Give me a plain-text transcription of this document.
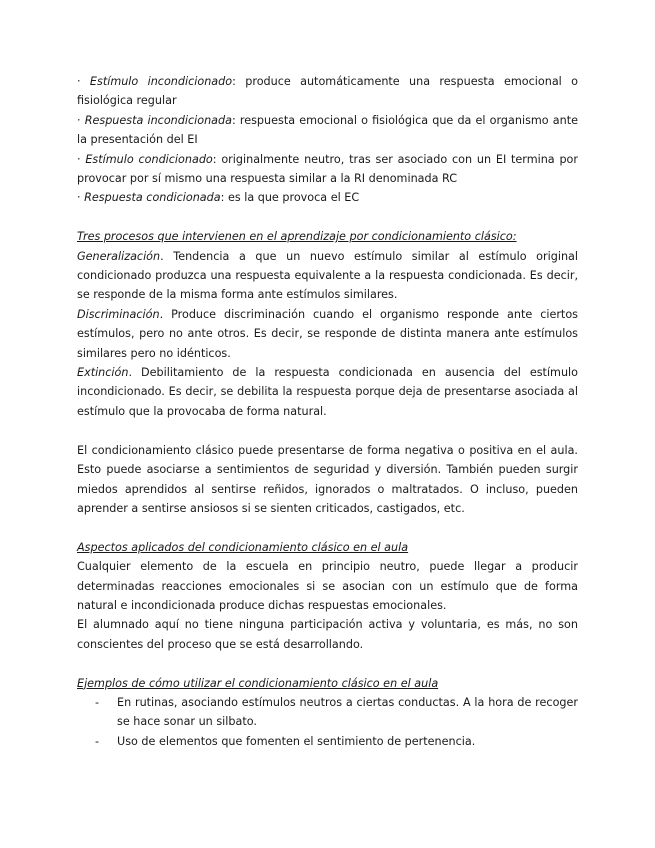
· Estímulo incondicionado: produce automáticamente una respuesta emocional o fisiológica regular

· Respuesta incondicionada: respuesta emocional o fisiológica que da el organismo ante la presentación del EI

· Estímulo condicionado: originalmente neutro, tras ser asociado con un EI termina por provocar por sí mismo una respuesta similar a la RI denominada RC

· Respuesta condicionada: es la que provoca el EC

Tres procesos que intervienen en el aprendizaje por condicionamiento clásico:

Generalización. Tendencia a que un nuevo estímulo similar al estímulo original condicionado produzca una respuesta equivalente a la respuesta condicionada. Es decir, se responde de la misma forma ante estímulos similares.

Discriminación. Produce discriminación cuando el organismo responde ante ciertos estímulos, pero no ante otros. Es decir, se responde de distinta manera ante estímulos similares pero no idénticos.

Extinción. Debilitamiento de la respuesta condicionada en ausencia del estímulo incondicionado. Es decir, se debilita la respuesta porque deja de presentarse asociada al estímulo que la provocaba de forma natural.

El condicionamiento clásico puede presentarse de forma negativa o positiva en el aula. Esto puede asociarse a sentimientos de seguridad y diversión. También pueden surgir miedos aprendidos al sentirse reñidos, ignorados o maltratados. O incluso, pueden aprender a sentirse ansiosos si se sienten criticados, castigados, etc.

Aspectos aplicados del condicionamiento clásico en el aula

Cualquier elemento de la escuela en principio neutro, puede llegar a producir determinadas reacciones emocionales si se asocian con un estímulo que de forma natural e incondicionada produce dichas respuestas emocionales.

El alumnado aquí no tiene ninguna participación activa y voluntaria, es más, no son conscientes del proceso que se está desarrollando.

Ejemplos de cómo utilizar el condicionamiento clásico en el aula

- En rutinas, asociando estímulos neutros a ciertas conductas. A la hora de recoger se hace sonar un silbato.
- Uso de elementos que fomenten el sentimiento de pertenencia.
